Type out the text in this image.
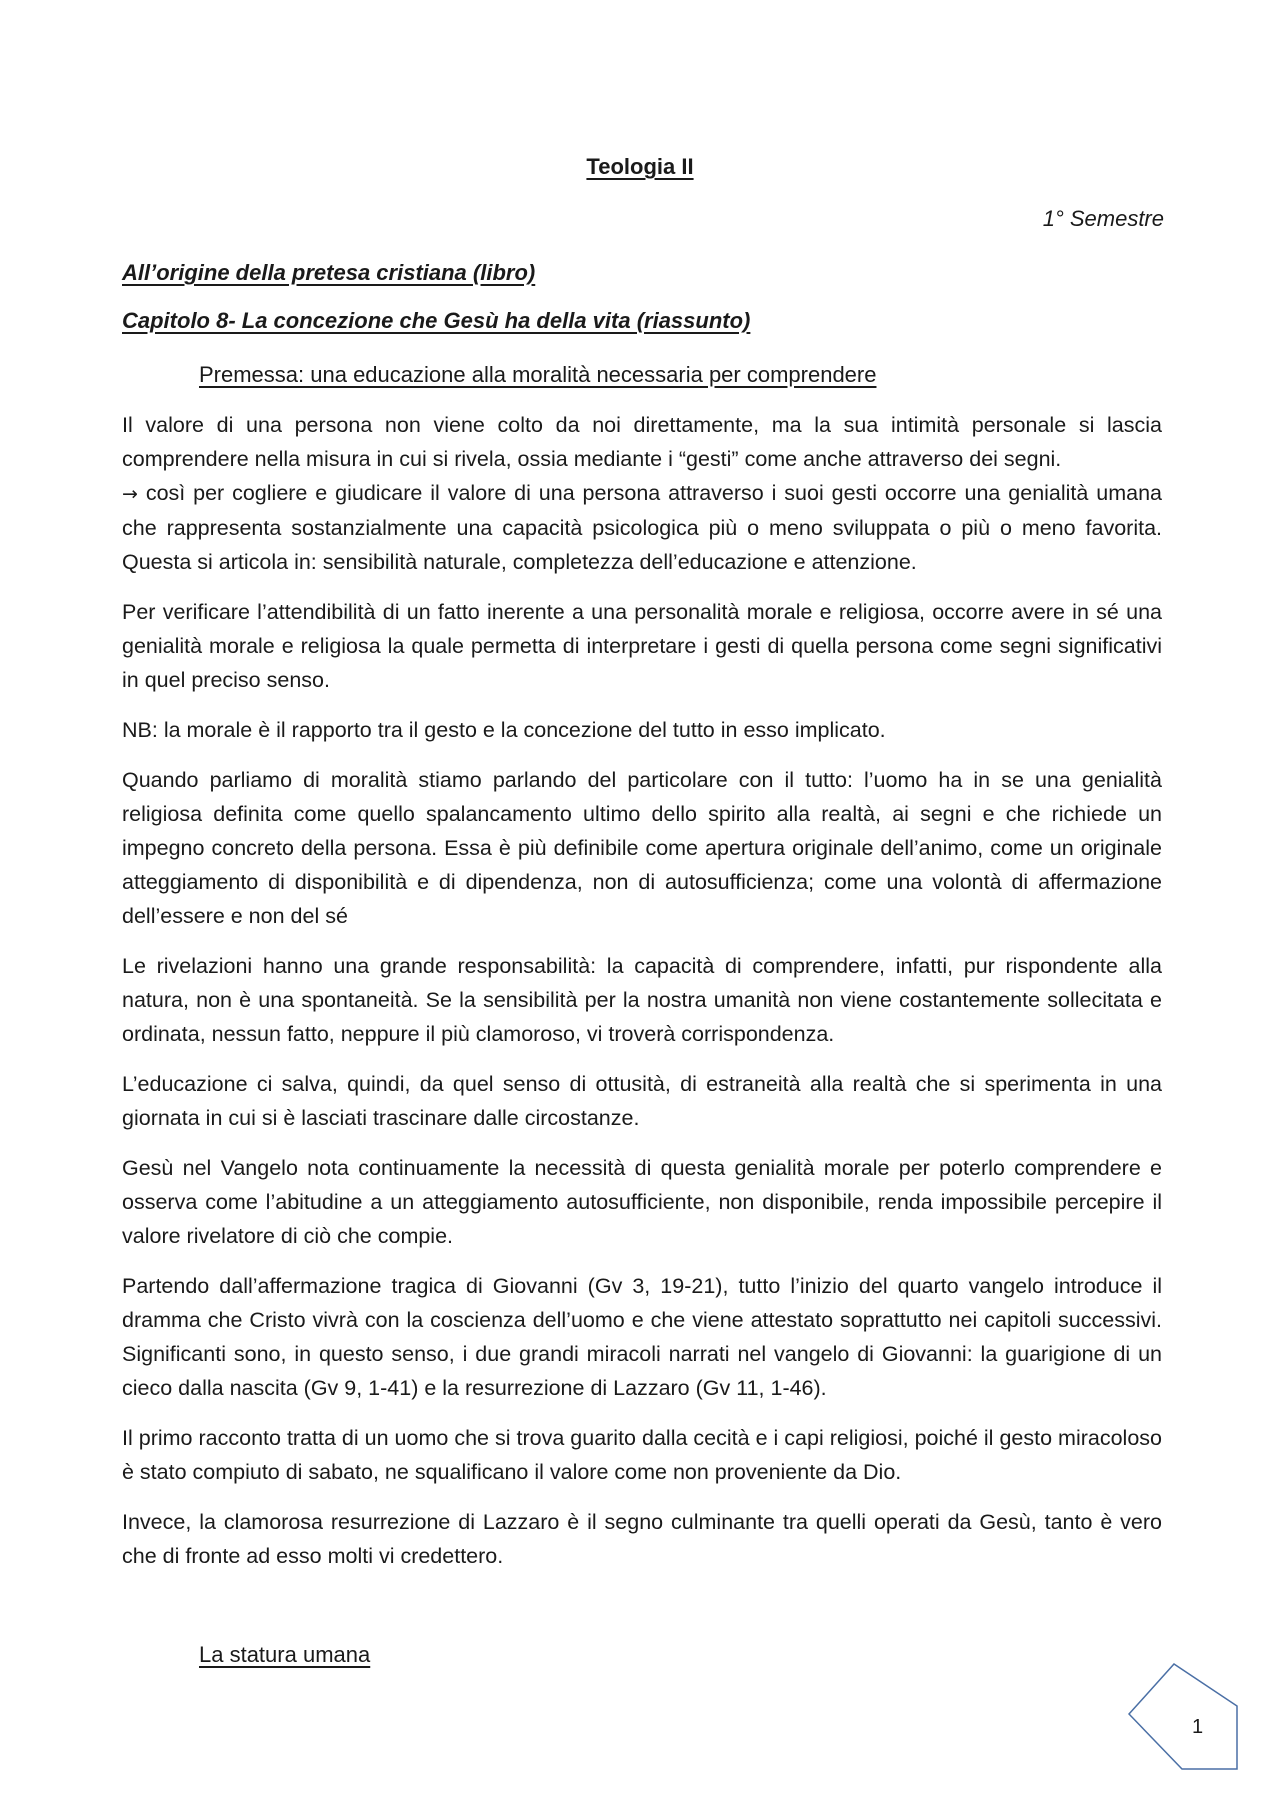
Teologia II
1° Semestre
All’origine della pretesa cristiana (libro)
Capitolo 8- La concezione che Gesù ha della vita (riassunto)
Premessa: una educazione alla moralità necessaria per comprendere

Il valore di una persona non viene colto da noi direttamente, ma la sua intimità personale si lascia comprendere nella misura in cui si rivela, ossia mediante i “gesti” come anche attraverso dei segni.
→ così per cogliere e giudicare il valore di una persona attraverso i suoi gesti occorre una genialità umana che rappresenta sostanzialmente una capacità psicologica più o meno sviluppata o più o meno favorita. Questa si articola in: sensibilità naturale, completezza dell’educazione e attenzione.

Per verificare l’attendibilità di un fatto inerente a una personalità morale e religiosa, occorre avere in sé una genialità morale e religiosa la quale permetta di interpretare i gesti di quella persona come segni significativi in quel preciso senso.

NB: la morale è il rapporto tra il gesto e la concezione del tutto in esso implicato.

Quando parliamo di moralità stiamo parlando del particolare con il tutto: l’uomo ha in se una genialità religiosa definita come quello spalancamento ultimo dello spirito alla realtà, ai segni e che richiede un impegno concreto della persona. Essa è più definibile come apertura originale dell’animo, come un originale atteggiamento di disponibilità e di dipendenza, non di autosufficienza; come una volontà di affermazione dell’essere e non del sé

Le rivelazioni hanno una grande responsabilità: la capacità di comprendere, infatti, pur rispondente alla natura, non è una spontaneità. Se la sensibilità per la nostra umanità non viene costantemente sollecitata e ordinata, nessun fatto, neppure il più clamoroso, vi troverà corrispondenza.

L’educazione ci salva, quindi, da quel senso di ottusità, di estraneità alla realtà che si sperimenta in una giornata in cui si è lasciati trascinare dalle circostanze.

Gesù nel Vangelo nota continuamente la necessità di questa genialità morale per poterlo comprendere e osserva come l’abitudine a un atteggiamento autosufficiente, non disponibile, renda impossibile percepire il valore rivelatore di ciò che compie.

Partendo dall’affermazione tragica di Giovanni (Gv 3, 19-21), tutto l’inizio del quarto vangelo introduce il dramma che Cristo vivrà con la coscienza dell’uomo e che viene attestato soprattutto nei capitoli successivi. Significanti sono, in questo senso, i due grandi miracoli narrati nel vangelo di Giovanni: la guarigione di un cieco dalla nascita (Gv 9, 1-41) e la resurrezione di Lazzaro (Gv 11, 1-46).

Il primo racconto tratta di un uomo che si trova guarito dalla cecità e i capi religiosi, poiché il gesto miracoloso è stato compiuto di sabato, ne squalificano il valore come non proveniente da Dio.

Invece, la clamorosa resurrezione di Lazzaro è il segno culminante tra quelli operati da Gesù, tanto è vero che di fronte ad esso molti vi credettero.

La statura umana
1
